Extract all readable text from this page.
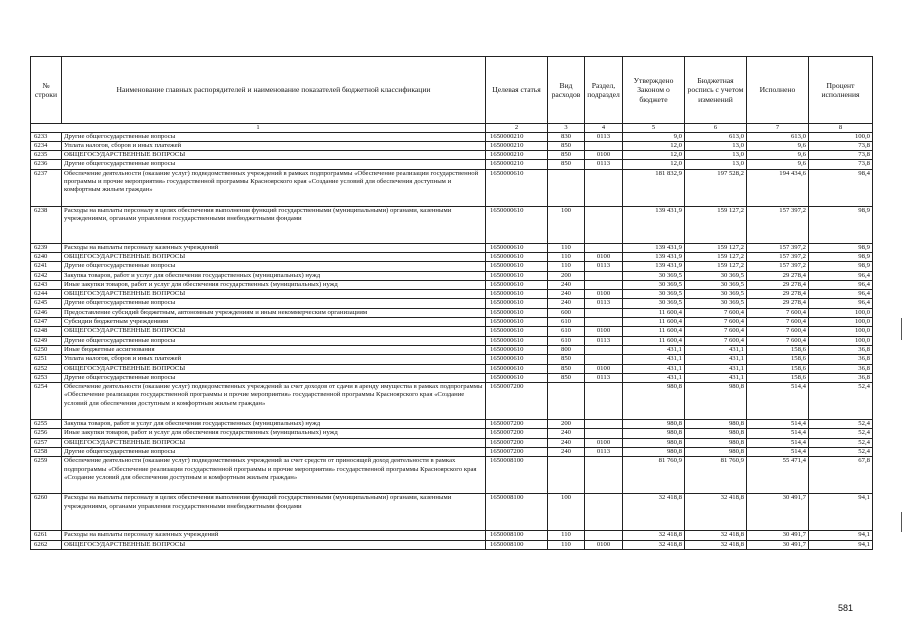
№ строки	Наименование главных распорядителей и наименование показателей бюджетной классификации	Целевая статья	Вид расходов	Раздел, подраздел	Утверждено Законом о бюджете	Бюджетная роспись с учетом изменений	Исполнено	Процент исполнения
1		2	3	4	5	6	7	8
6233	Другие общегосударственные вопросы	1650000210	830	0113	9,0	613,0	613,0	100,0
6234	Уплата налогов, сборов и иных платежей	1650000210	850		12,0	13,0	9,6	73,8
6235	ОБЩЕГОСУДАРСТВЕННЫЕ ВОПРОСЫ	1650000210	850	0100	12,0	13,0	9,6	73,8
6236	Другие общегосударственные вопросы	1650000210	850	0113	12,0	13,0	9,6	73,8
6237	Обеспечение деятельности (оказание услуг) подведомственных учреждений в рамках подпрограммы «Обеспечение реализации государственной программы и прочие мероприятия» государственной программы Красноярского края «Создание условий для обеспечения доступным и комфортным жильем граждан»	1650000610			181 832,9	197 528,2	194 434,6	98,4
6238	Расходы на выплаты персоналу в целях обеспечения выполнения функций государственными (муниципальными) органами, казенными учреждениями, органами управления государственными внебюджетными фондами	1650000610	100		139 431,9	159 127,2	157 397,2	98,9
6239	Расходы на выплаты персоналу казенных учреждений	1650000610	110		139 431,9	159 127,2	157 397,2	98,9
6240	ОБЩЕГОСУДАРСТВЕННЫЕ ВОПРОСЫ	1650000610	110	0100	139 431,9	159 127,2	157 397,2	98,9
6241	Другие общегосударственные вопросы	1650000610	110	0113	139 431,9	159 127,2	157 397,2	98,9
6242	Закупка товаров, работ и услуг для обеспечения государственных (муниципальных) нужд	1650000610	200		30 369,5	30 369,5	29 278,4	96,4
6243	Иные закупки товаров, работ и услуг для обеспечения государственных (муниципальных) нужд	1650000610	240		30 369,5	30 369,5	29 278,4	96,4
6244	ОБЩЕГОСУДАРСТВЕННЫЕ ВОПРОСЫ	1650000610	240	0100	30 369,5	30 369,5	29 278,4	96,4
6245	Другие общегосударственные вопросы	1650000610	240	0113	30 369,5	30 369,5	29 278,4	96,4
6246	Предоставление субсидий бюджетным, автономным учреждениям и иным некоммерческим организациям	1650000610	600		11 600,4	7 600,4	7 600,4	100,0
6247	Субсидии бюджетным учреждениям	1650000610	610		11 600,4	7 600,4	7 600,4	100,0
6248	ОБЩЕГОСУДАРСТВЕННЫЕ ВОПРОСЫ	1650000610	610	0100	11 600,4	7 600,4	7 600,4	100,0
6249	Другие общегосударственные вопросы	1650000610	610	0113	11 600,4	7 600,4	7 600,4	100,0
6250	Иные бюджетные ассигнования	1650000610	800		431,1	431,1	158,6	36,8
6251	Уплата налогов, сборов и иных платежей	1650000610	850		431,1	431,1	158,6	36,8
6252	ОБЩЕГОСУДАРСТВЕННЫЕ ВОПРОСЫ	1650000610	850	0100	431,1	431,1	158,6	36,8
6253	Другие общегосударственные вопросы	1650000610	850	0113	431,1	431,1	158,6	36,8
6254	Обеспечение деятельности (оказание услуг) подведомственных учреждений за счет доходов от сдачи в аренду имущества в рамках подпрограммы «Обеспечение реализации государственной программы и прочие мероприятия» государственной программы Красноярского края «Создание условий для обеспечения доступным и комфортным жильем граждан»	1650007200			980,8	980,8	514,4	52,4
6255	Закупка товаров, работ и услуг для обеспечения государственных (муниципальных) нужд	1650007200	200		980,8	980,8	514,4	52,4
6256	Иные закупки товаров, работ и услуг для обеспечения государственных (муниципальных) нужд	1650007200	240		980,8	980,8	514,4	52,4
6257	ОБЩЕГОСУДАРСТВЕННЫЕ ВОПРОСЫ	1650007200	240	0100	980,8	980,8	514,4	52,4
6258	Другие общегосударственные вопросы	1650007200	240	0113	980,8	980,8	514,4	52,4
6259	Обеспечение деятельности (оказание услуг) подведомственных учреждений за счет средств от приносящей доход деятельности в рамках подпрограммы «Обеспечение реализации государственной программы и прочие мероприятия» государственной программы Красноярского края «Создание условий для обеспечения доступным и комфортным жильем граждан»	1650008100			81 760,9	81 760,9	55 471,4	67,8
6260	Расходы на выплаты персоналу в целях обеспечения выполнения функций государственными (муниципальными) органами, казенными учреждениями, органами управления государственными внебюджетными фондами	1650008100	100		32 418,8	32 418,8	30 491,7	94,1
6261	Расходы на выплаты персоналу казенных учреждений	1650008100	110		32 418,8	32 418,8	30 491,7	94,1
6262	ОБЩЕГОСУДАРСТВЕННЫЕ ВОПРОСЫ	1650008100	110	0100	32 418,8	32 418,8	30 491,7	94,1
581
